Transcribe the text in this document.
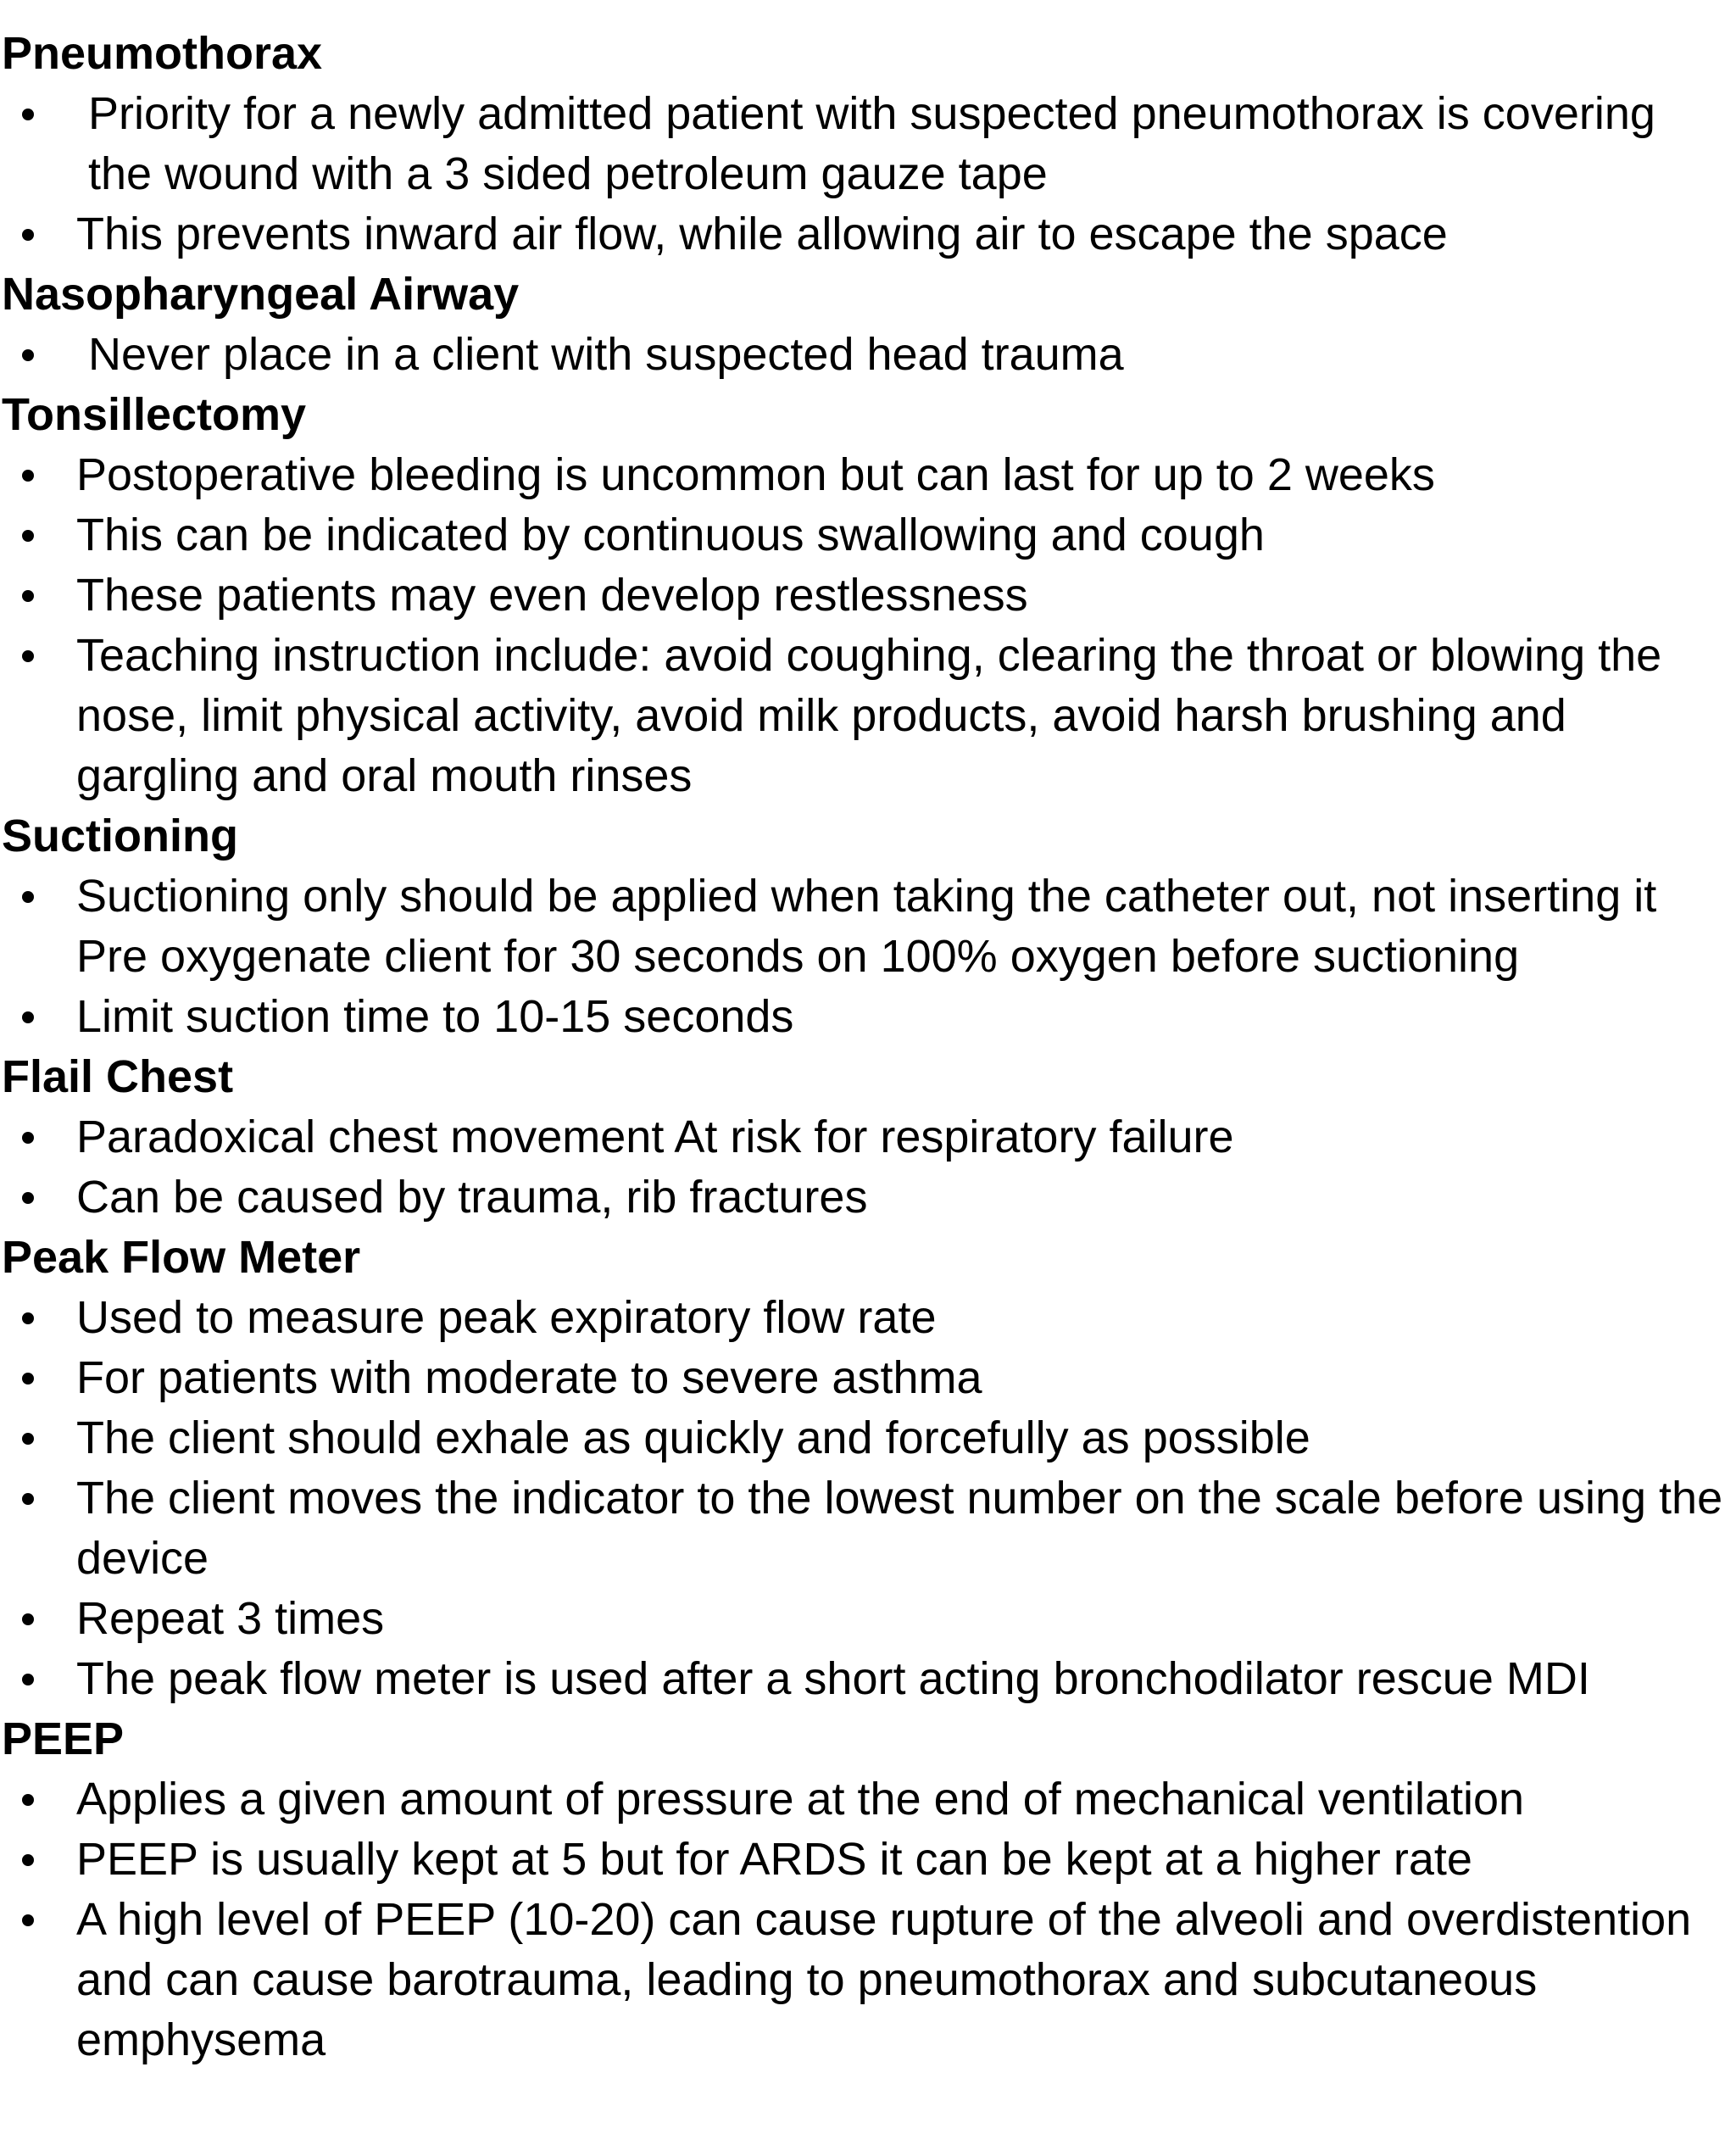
Pneumothorax
Priority for a newly admitted patient with suspected pneumothorax is covering the wound with a 3 sided petroleum gauze tape
This prevents inward air flow, while allowing air to escape the space
Nasopharyngeal Airway
Never place in a client with suspected head trauma
Tonsillectomy
Postoperative bleeding is uncommon but can last for up to 2 weeks
This can be indicated by continuous swallowing and cough
These patients may even develop restlessness
Teaching instruction include: avoid coughing, clearing the throat or blowing the nose, limit physical activity, avoid milk products, avoid harsh brushing and gargling and oral mouth rinses
Suctioning
Suctioning only should be applied when taking the catheter out, not inserting it Pre oxygenate client for 30 seconds on 100% oxygen before suctioning
Limit suction time to 10-15 seconds
Flail Chest
Paradoxical chest movement At risk for respiratory failure
Can be caused by trauma, rib fractures
Peak Flow Meter
Used to measure peak expiratory flow rate
For patients with moderate to severe asthma
The client should exhale as quickly and forcefully as possible
The client moves the indicator to the lowest number on the scale before using the device
Repeat 3 times
The peak flow meter is used after a short acting bronchodilator rescue MDI
PEEP
Applies a given amount of pressure at the end of mechanical ventilation
PEEP is usually kept at 5 but for ARDS it can be kept at a higher rate
A high level of PEEP (10-20) can cause rupture of the alveoli and overdistention and can cause barotrauma, leading to pneumothorax and subcutaneous emphysema
